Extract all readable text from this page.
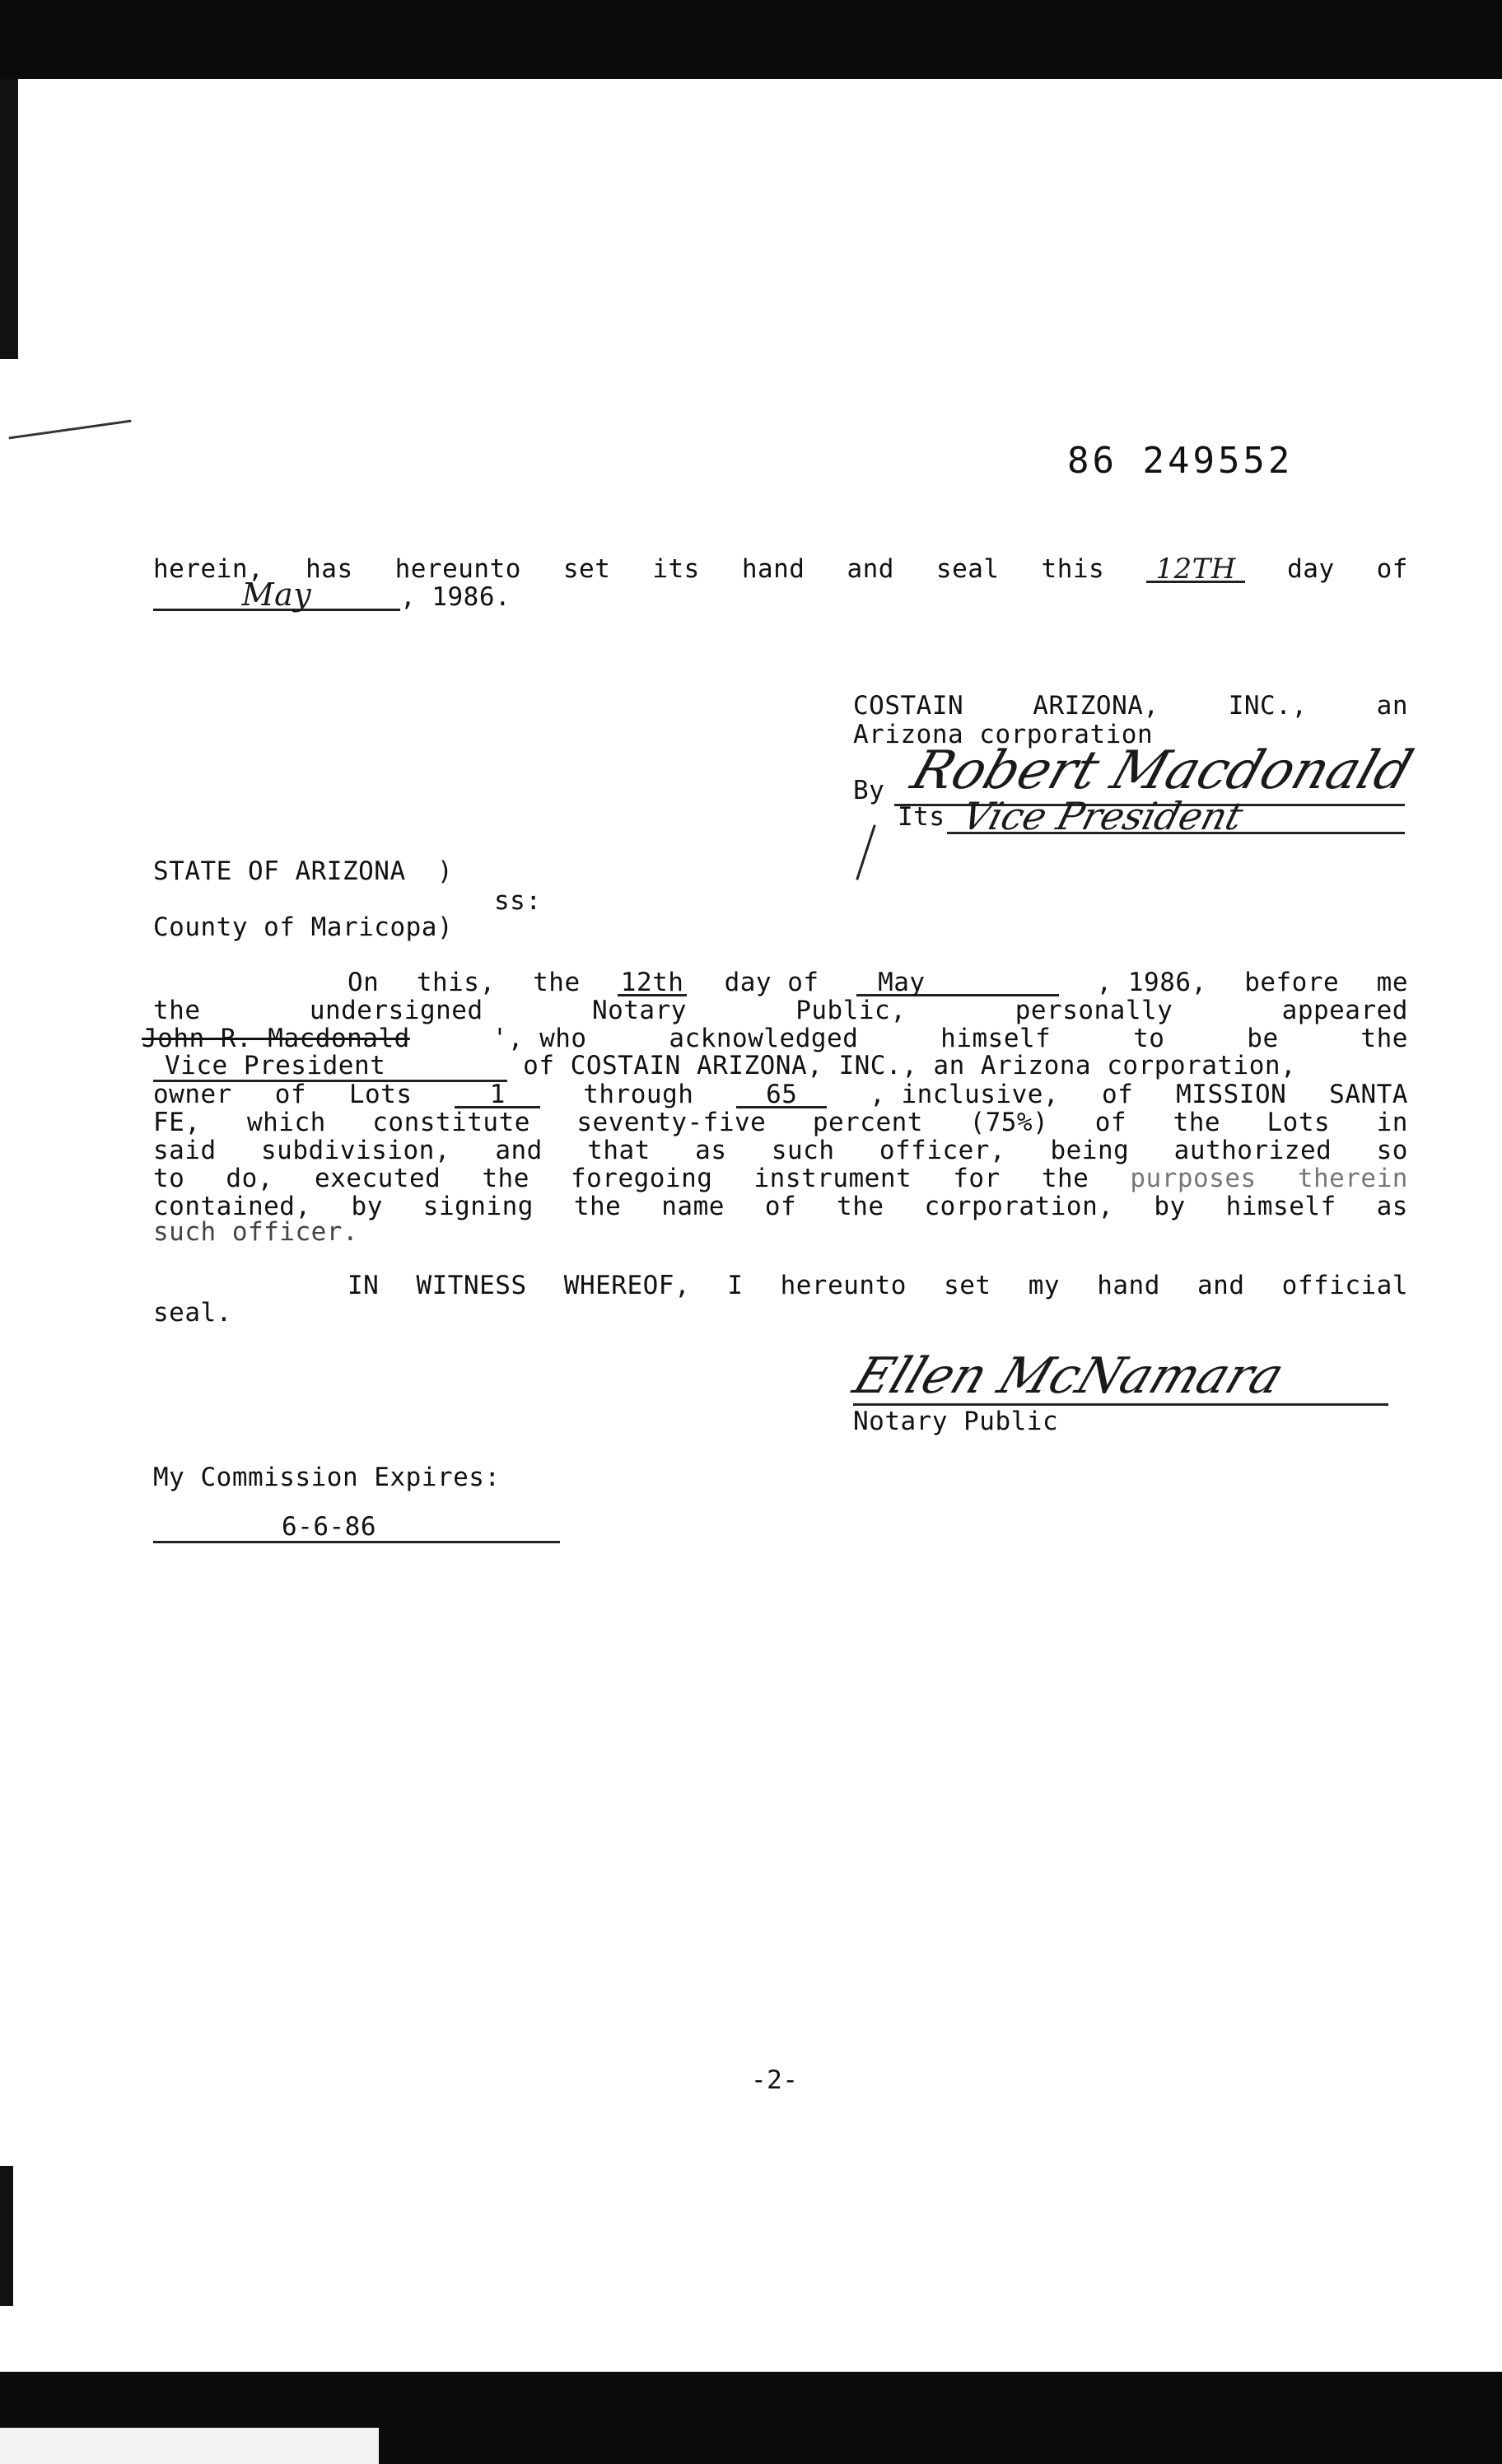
86 249552
herein, has hereunto set its hand and seal this	12TH	day of
May	, 1986.
COSTAIN	ARIZONA,	INC.,	an
Arizona corporation
By Robert Macdonald
Its Vice President
STATE OF ARIZONA  )
ss:
County of Maricopa)
On this, the 12th day of	May	, 1986, before me
the	undersigned	Notary	Public,	personally	appeared
John R. Macdonald	', who	acknowledged	himself	to	be	the
Vice President	of COSTAIN ARIZONA, INC., an Arizona corporation,
owner of Lots	1	through	65	, inclusive, of MISSION SANTA
FE, which constitute seventy-five percent (75%) of the Lots in
said subdivision, and that as such officer, being authorized so
to do, executed the foregoing instrument for the purposes therein
contained, by signing the name of the corporation, by himself as
such officer.
IN WITNESS WHEREOF, I hereunto set my hand and official
seal.
Ellen McNamara
Notary Public
My Commission Expires:
6-6-86
-2-
